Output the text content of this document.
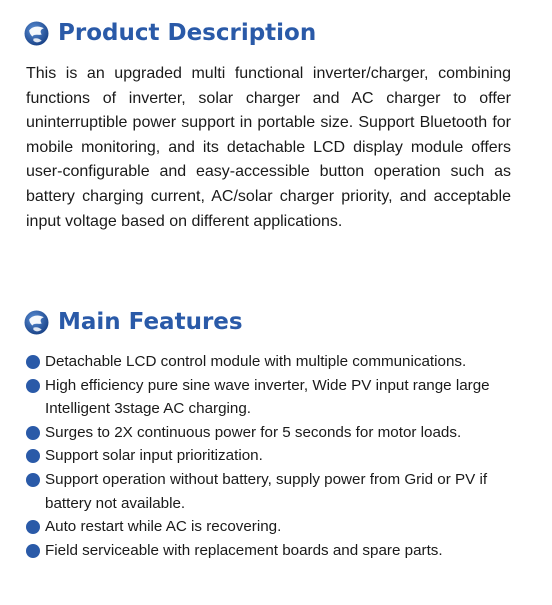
Product Description
This is an upgraded multi functional inverter/charger, combining functions of inverter, solar charger and AC charger to offer uninterruptible power support in portable size. Support Bluetooth for mobile monitoring, and its detachable LCD display module offers user-configurable and easy-accessible button operation such as battery charging current, AC/solar charger priority, and acceptable input voltage based on different applications.
Main Features
Detachable LCD control module with multiple communications.
High efficiency pure sine wave inverter, Wide PV input range large Intelligent 3stage AC charging.
Surges to 2X continuous power for 5 seconds for motor loads.
Support solar input prioritization.
Support operation without battery, supply power from Grid or PV if battery not available.
Auto restart while AC is recovering.
Field serviceable with replacement boards and spare parts.
